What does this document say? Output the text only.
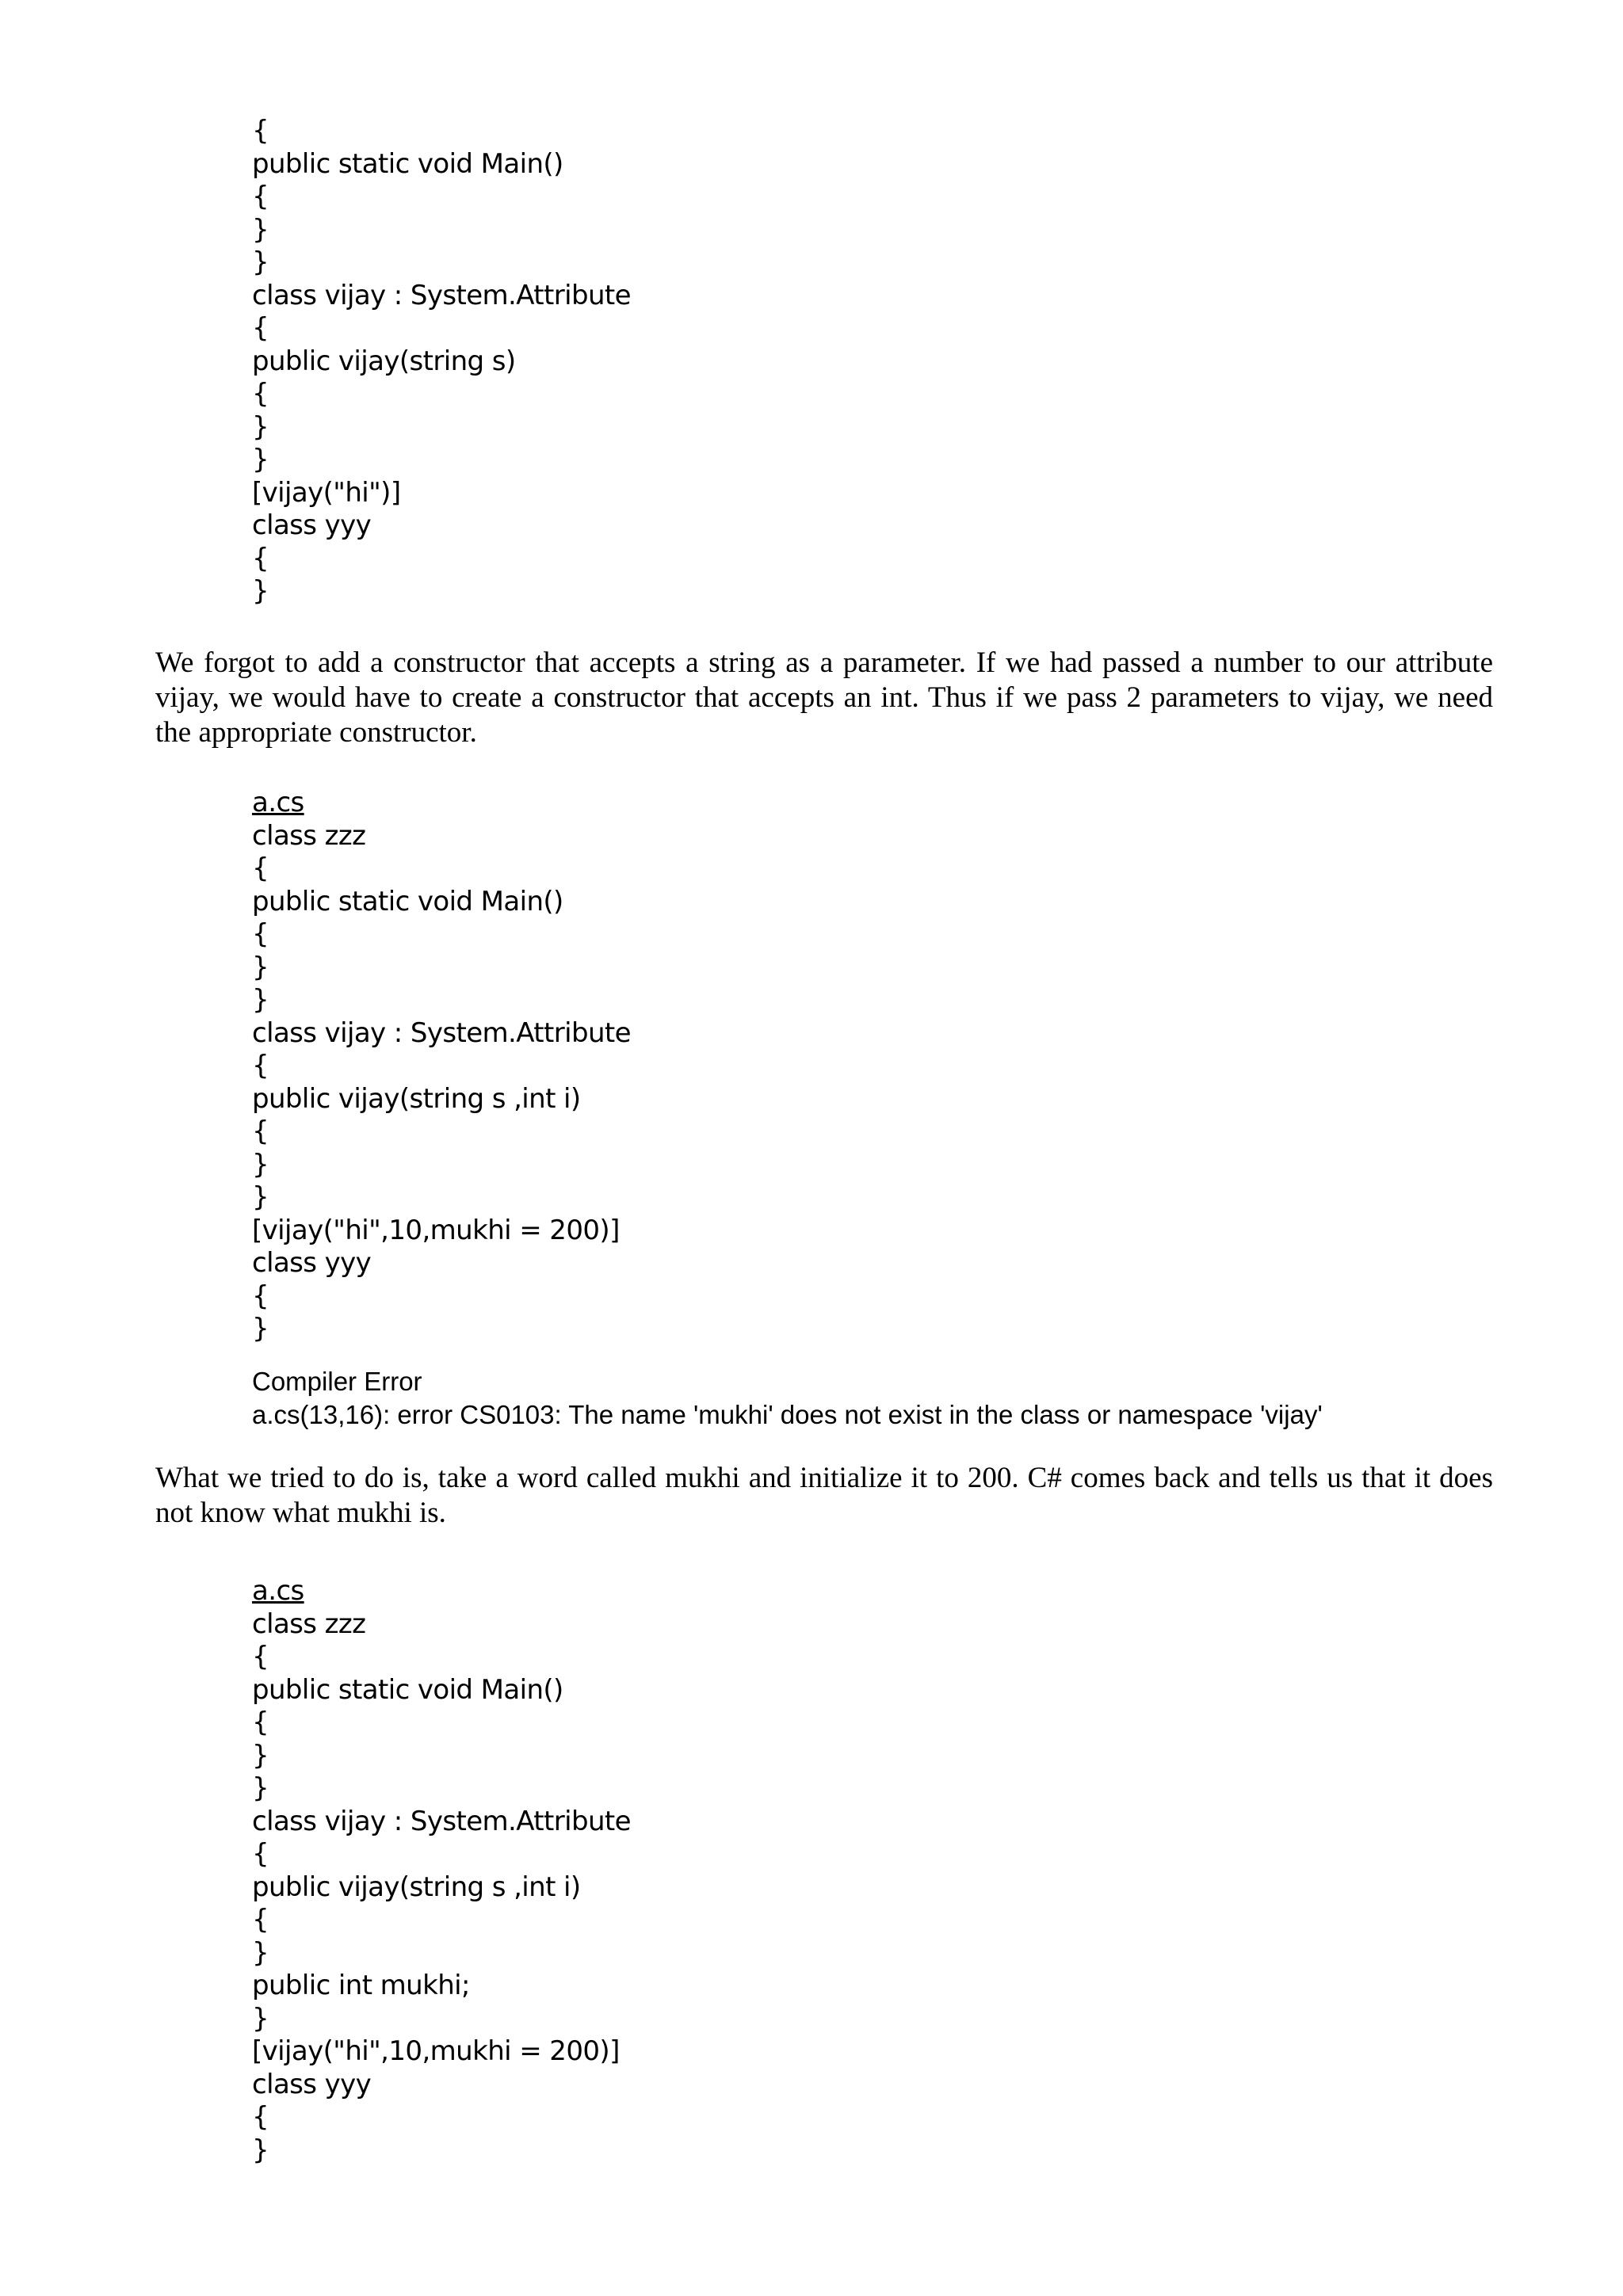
{
public static void Main()
{
}
}
class vijay : System.Attribute
{
public vijay(string s)
{
}
}
[vijay("hi")]
class yyy
{
}

We forgot to add a constructor that accepts a string as a parameter. If we had passed a number to our attribute vijay, we would have to create a constructor that accepts an int. Thus if we pass 2 parameters to vijay, we need the appropriate constructor.

a.cs
class zzz
{
public static void Main()
{
}
}
class vijay : System.Attribute
{
public vijay(string s ,int i)
{
}
}
[vijay("hi",10,mukhi = 200)]
class yyy
{
}
Compiler Error
a.cs(13,16): error CS0103: The name 'mukhi' does not exist in the class or namespace 'vijay'

What we tried to do is, take a word called mukhi and initialize it to 200. C# comes back and tells us that it does not know what mukhi is.

a.cs
class zzz
{
public static void Main()
{
}
}
class vijay : System.Attribute
{
public vijay(string s ,int i)
{
}
public int mukhi;
}
[vijay("hi",10,mukhi = 200)]
class yyy
{
}
